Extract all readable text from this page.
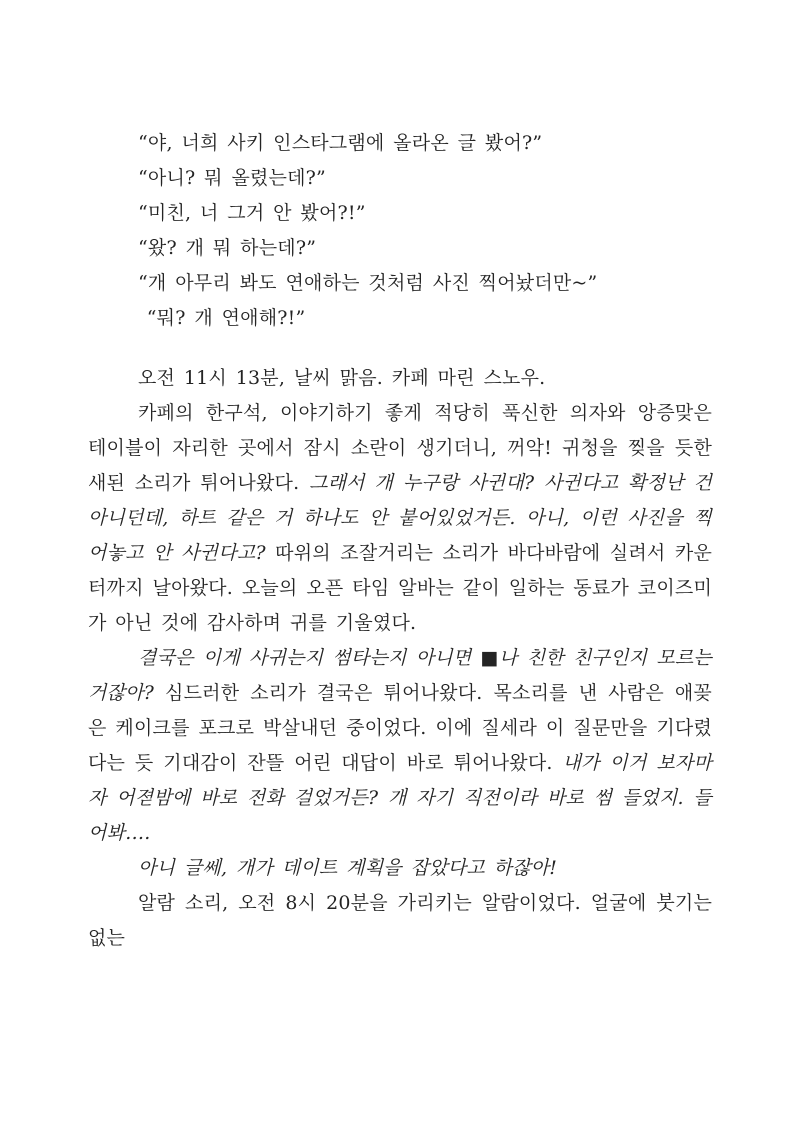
“야, 너희 사키 인스타그램에 올라온 글 봤어?”

“아니? 뭐 올렸는데?”

“미친, 너 그거 안 봤어?!”

“왔? 개 뭐 하는데?”

“개 아무리 봐도 연애하는 것처럼 사진 찍어놨더만~”

“뭐? 개 연애해?!”

오전 11시 13분, 날씨 맑음. 카페 마린 스노우.

카페의 한구석, 이야기하기 좋게 적당히 푹신한 의자와 앙증맞은 테이블이 자리한 곳에서 잠시 소란이 생기더니, 꺼악! 귀청을 찢을 듯한 새된 소리가 튀어나왔다. 그래서 개 누구랑 사귄대? 사귄다고 확정난 건 아니던데, 하트 같은 거 하나도 안 붙어있었거든. 아니, 이런 사진을 찍어놓고 안 사귄다고? 따위의 조잘거리는 소리가 바다바람에 실려서 카운터까지 날아왔다. 오늘의 오픈 타임 알바는 같이 일하는 동료가 코이즈미가 아닌 것에 감사하며 귀를 기울였다.

결국은 이게 사귀는지 썸타는지 아니면 ■나 친한 친구인지 모르는 거잖아? 심드러한 소리가 결국은 튀어나왔다. 목소리를 낸 사람은 애꽂은 케이크를 포크로 박살내던 중이었다. 이에 질세라 이 질문만을 기다렸다는 듯 기대감이 잔뜰 어린 대답이 바로 튀어나왔다. 내가 이거 보자마자 어젿밤에 바로 전화 걸었거든? 개 자기 직전이라 바로 썸 들었지. 들어봐….

아니 글쎄, 개가 데이트 계획을 잡았다고 하잖아!

알람 소리, 오전 8시 20분을 가리키는 알람이었다. 얼굴에 붓기는 없는
